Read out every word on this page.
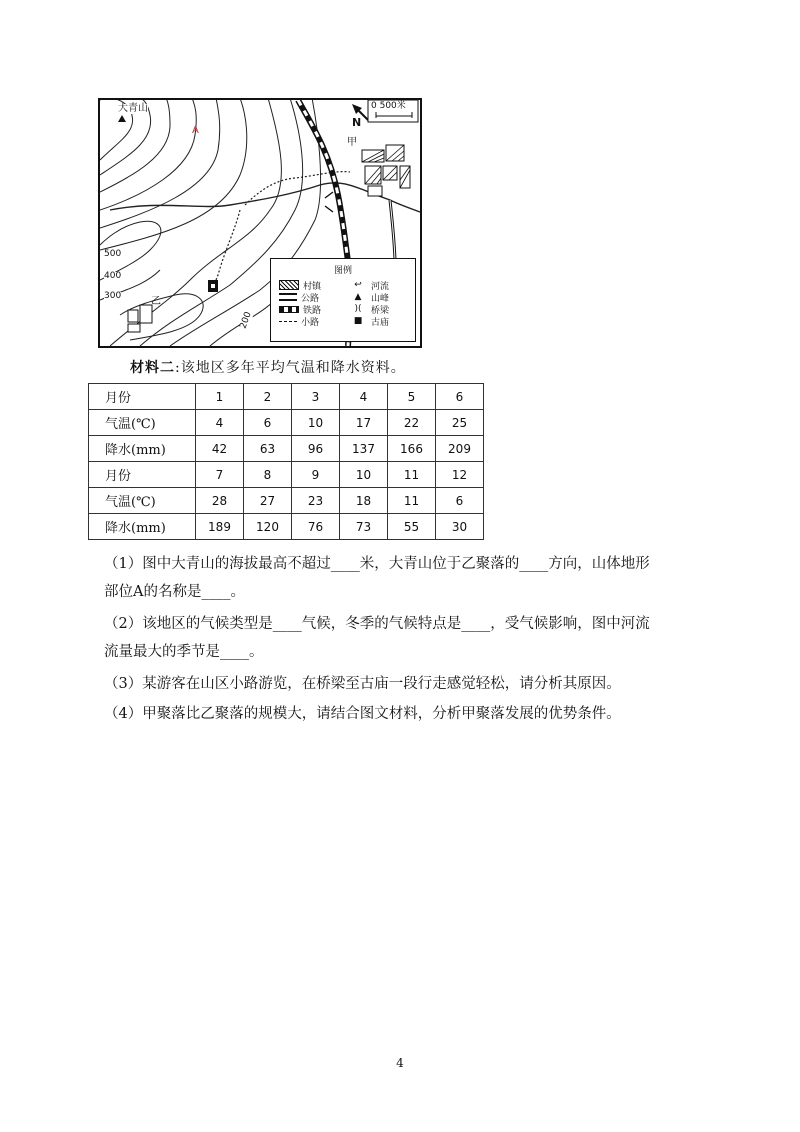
大青山
A
甲
乙
N
0 500米
500
400
300
200
图例
村镇
公路
铁路
小路
↩	河流
▲	山峰
)(	桥梁
■ 古庙
材料二:该地区多年平均气温和降水资料。
月份	1	2	3	4	5	6
气温(℃)	4	6	10	17	22	25
降水(mm)	42	63	96	137	166	209
月份	7	8	9	10	11	12
气温(℃)	28	27	23	18	11	6
降水(mm)	189	120	76	73	55	30
（1）图中大青山的海拔最高不超过____米，大青山位于乙聚落的____方向，山体地形
部位A的名称是____。
（2）该地区的气候类型是____气候，冬季的气候特点是____，受气候影响，图中河流
流量最大的季节是____。
（3）某游客在山区小路游览，在桥梁至古庙一段行走感觉轻松，请分析其原因。
（4）甲聚落比乙聚落的规模大，请结合图文材料，分析甲聚落发展的优势条件。
4
